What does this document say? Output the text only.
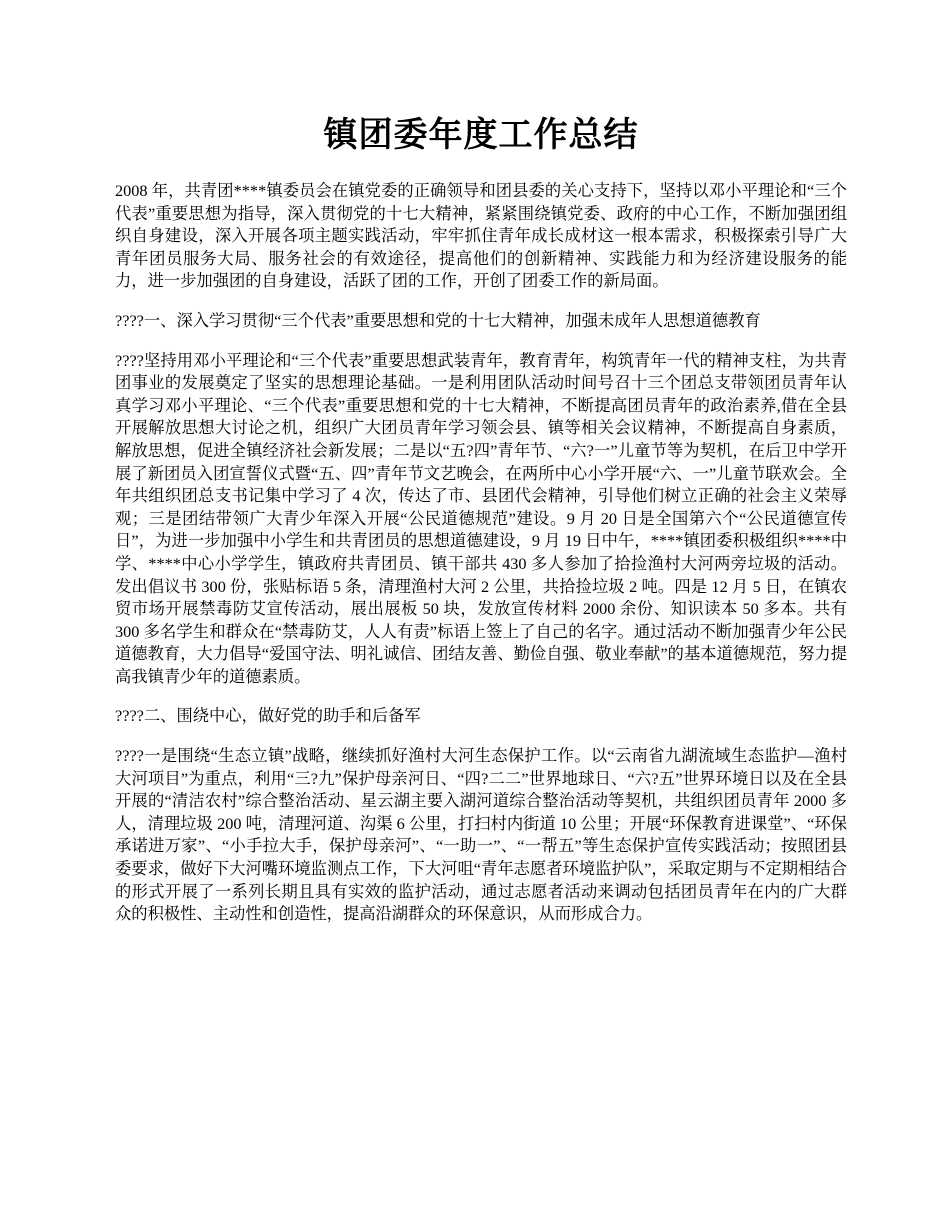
镇团委年度工作总结

2008 年，共青团****镇委员会在镇党委的正确领导和团县委的关心支持下，坚持以邓小平理论和“三个代表”重要思想为指导，深入贯彻党的十七大精神，紧紧围绕镇党委、政府的中心工作，不断加强团组织自身建设，深入开展各项主题实践活动，牢牢抓住青年成长成材这一根本需求，积极探索引导广大青年团员服务大局、服务社会的有效途径，提高他们的创新精神、实践能力和为经济建设服务的能力，进一步加强团的自身建设，活跃了团的工作，开创了团委工作的新局面。

????一、深入学习贯彻“三个代表”重要思想和党的十七大精神，加强未成年人思想道德教育

????坚持用邓小平理论和“三个代表”重要思想武装青年，教育青年，构筑青年一代的精神支柱，为共青团事业的发展奠定了坚实的思想理论基础。一是利用团队活动时间号召十三个团总支带领团员青年认真学习邓小平理论、“三个代表”重要思想和党的十七大精神，不断提高团员青年的政治素养,借在全县开展解放思想大讨论之机，组织广大团员青年学习领会县、镇等相关会议精神，不断提高自身素质，解放思想，促进全镇经济社会新发展；二是以“五?四”青年节、“六?一”儿童节等为契机，在后卫中学开展了新团员入团宣誓仪式暨“五、四”青年节文艺晚会，在两所中心小学开展“六、一”儿童节联欢会。全年共组织团总支书记集中学习了 4 次，传达了市、县团代会精神，引导他们树立正确的社会主义荣辱观；三是团结带领广大青少年深入开展“公民道德规范”建设。9 月 20 日是全国第六个“公民道德宣传日”，为进一步加强中小学生和共青团员的思想道德建设，9 月 19 日中午，****镇团委积极组织****中学、****中心小学学生，镇政府共青团员、镇干部共 430 多人参加了拾捡渔村大河两旁垃圾的活动。发出倡议书 300 份，张贴标语 5 条，清理渔村大河 2 公里，共拾捡垃圾 2 吨。四是 12 月 5 日，在镇农贸市场开展禁毒防艾宣传活动，展出展板 50 块，发放宣传材料 2000 余份、知识读本 50 多本。共有 300 多名学生和群众在“禁毒防艾，人人有责”标语上签上了自己的名字。通过活动不断加强青少年公民道德教育，大力倡导“爱国守法、明礼诚信、团结友善、勤俭自强、敬业奉献”的基本道德规范，努力提高我镇青少年的道德素质。

????二、围绕中心，做好党的助手和后备军

????一是围绕“生态立镇”战略，继续抓好渔村大河生态保护工作。以“云南省九湖流域生态监护—渔村大河项目”为重点，利用“三?九”保护母亲河日、“四?二二”世界地球日、“六?五”世界环境日以及在全县开展的“清洁农村”综合整治活动、星云湖主要入湖河道综合整治活动等契机，共组织团员青年 2000 多人，清理垃圾 200 吨，清理河道、沟渠 6 公里，打扫村内街道 10 公里；开展“环保教育进课堂”、“环保承诺进万家”、“小手拉大手，保护母亲河”、“一助一”、“一帮五”等生态保护宣传实践活动；按照团县委要求，做好下大河嘴环境监测点工作，下大河咀“青年志愿者环境监护队”，采取定期与不定期相结合的形式开展了一系列长期且具有实效的监护活动，通过志愿者活动来调动包括团员青年在内的广大群众的积极性、主动性和创造性，提高沿湖群众的环保意识，从而形成合力。
